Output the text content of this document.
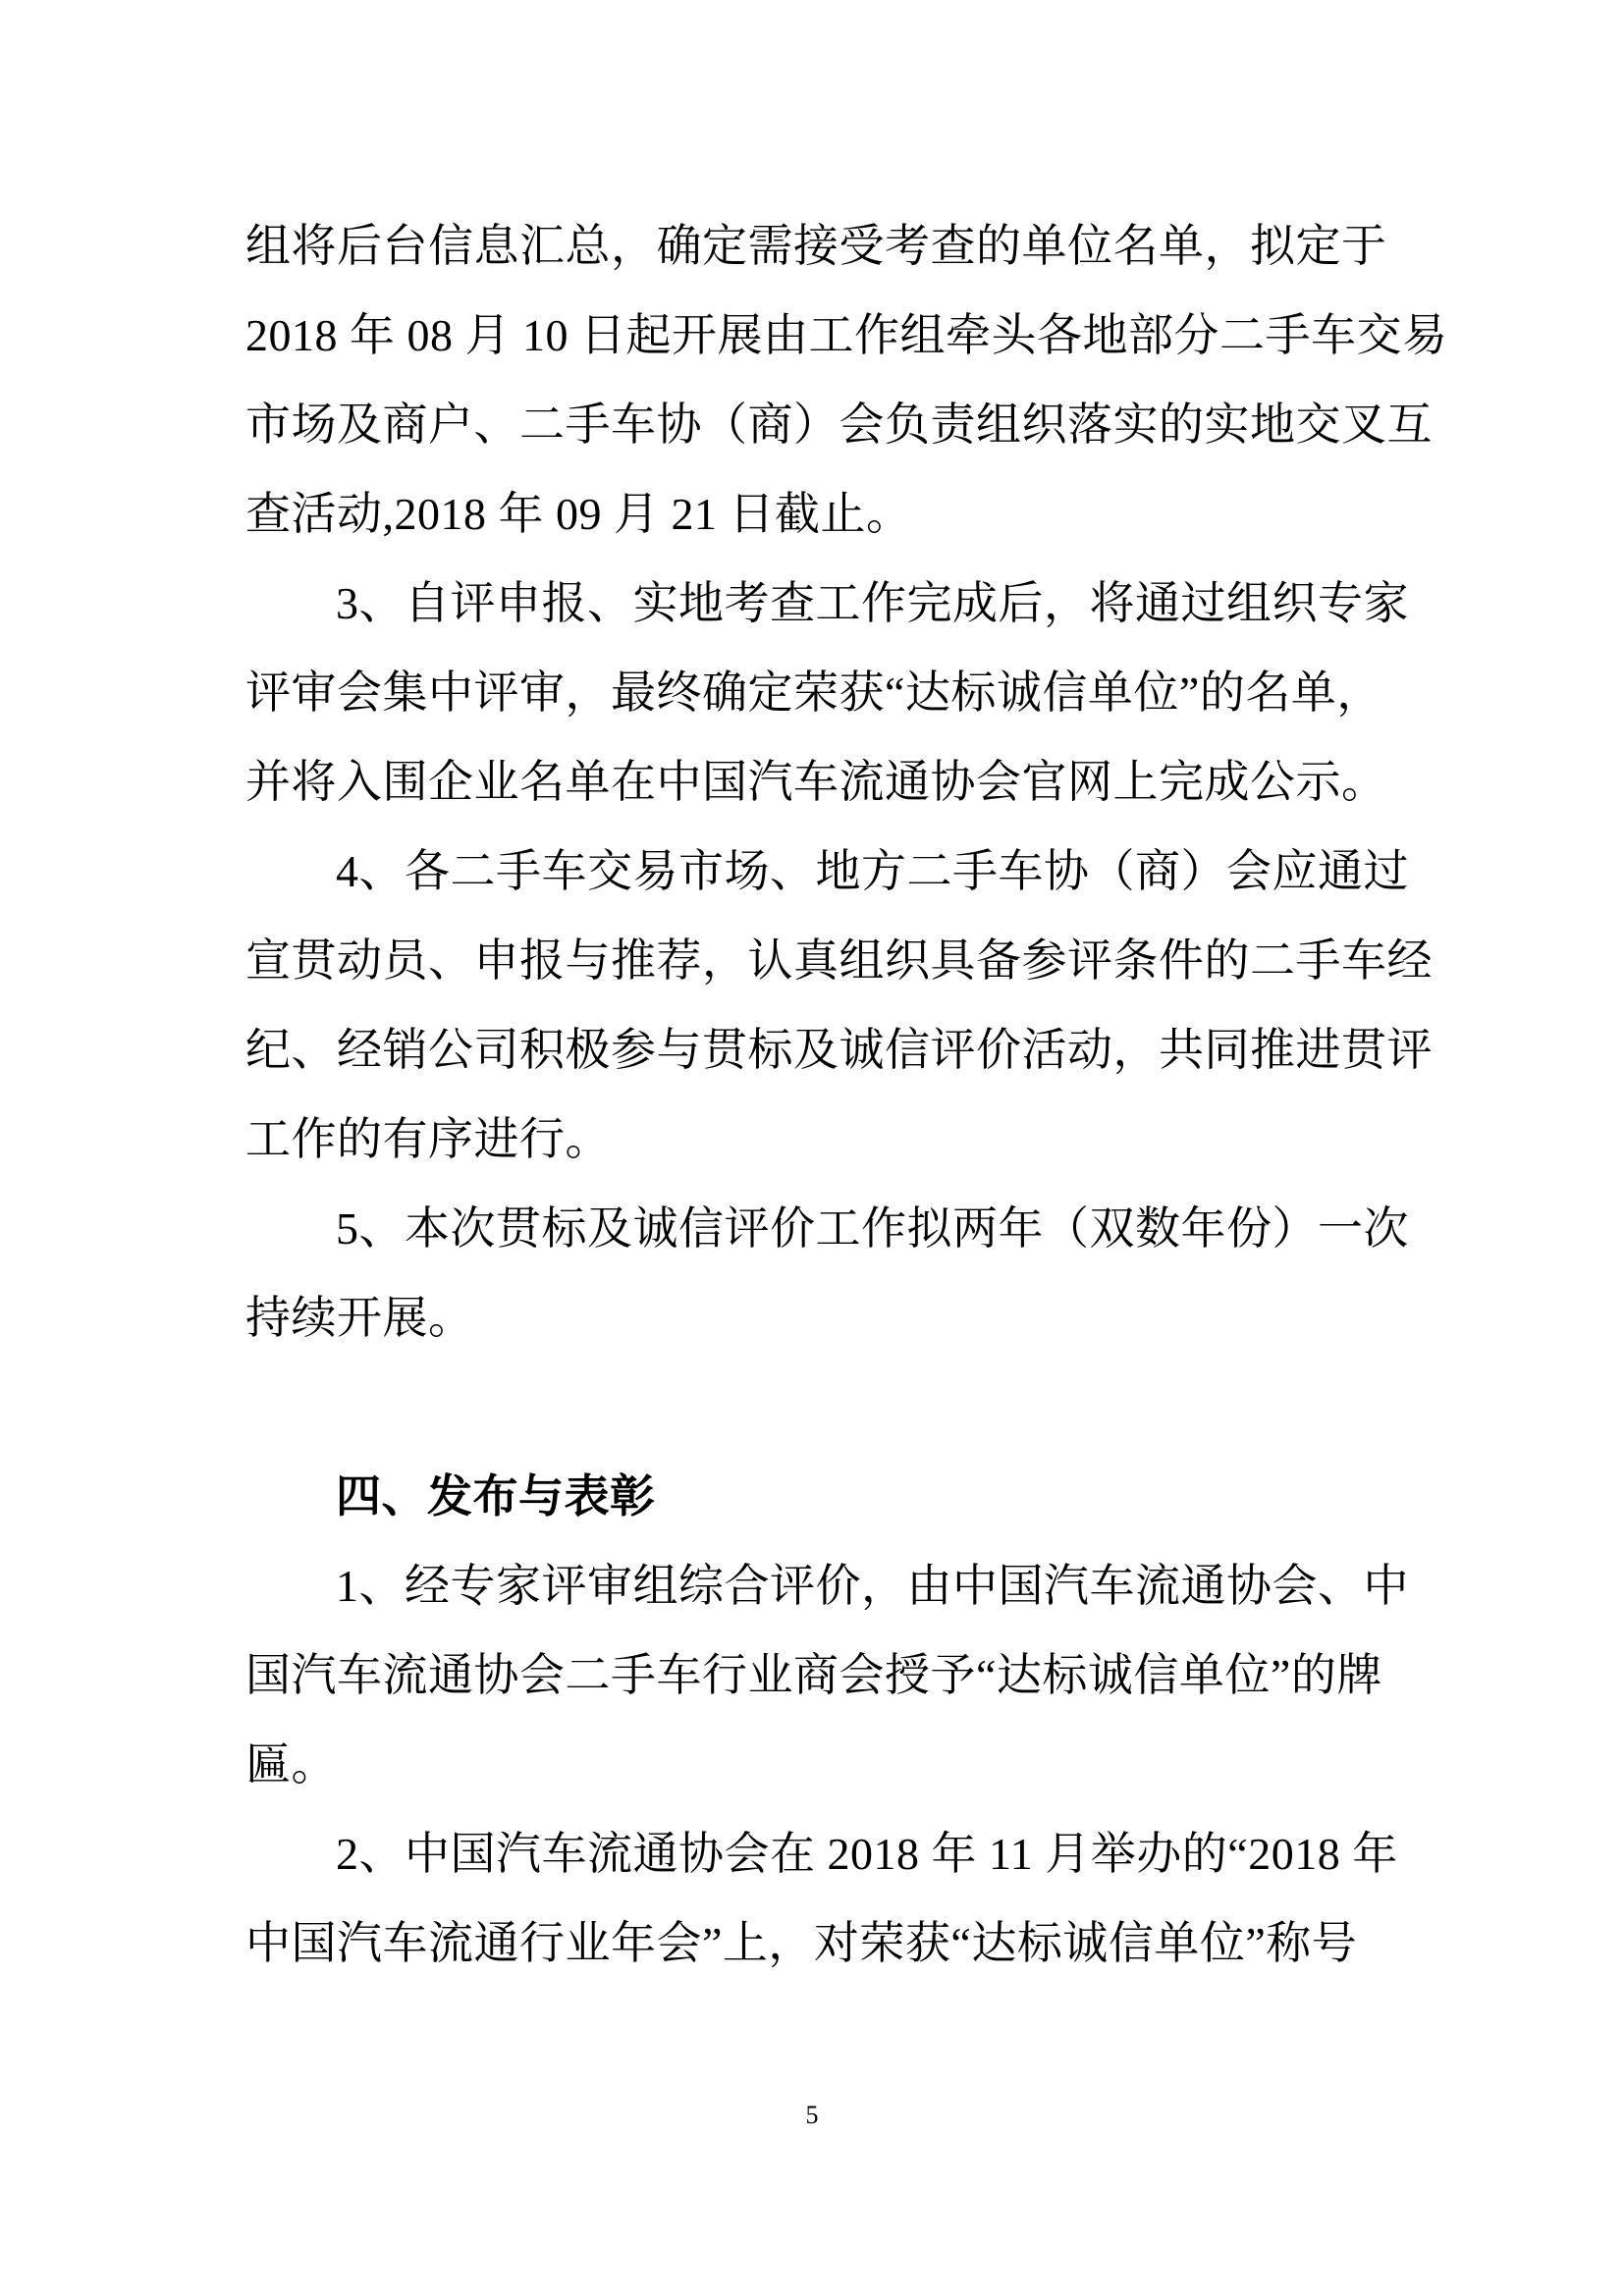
组将后台信息汇总，确定需接受考查的单位名单，拟定于
2018 年 08 月 10 日起开展由工作组牵头各地部分二手车交易
市场及商户、二手车协（商）会负责组织落实的实地交叉互
查活动,2018 年 09 月 21 日截止。
3、自评申报、实地考查工作完成后，将通过组织专家
评审会集中评审，最终确定荣获“达标诚信单位”的名单，
并将入围企业名单在中国汽车流通协会官网上完成公示。
4、各二手车交易市场、地方二手车协（商）会应通过
宣贯动员、申报与推荐，认真组织具备参评条件的二手车经
纪、经销公司积极参与贯标及诚信评价活动，共同推进贯评
工作的有序进行。
5、本次贯标及诚信评价工作拟两年（双数年份）一次
持续开展。
四、发布与表彰
1、经专家评审组综合评价，由中国汽车流通协会、中
国汽车流通协会二手车行业商会授予“达标诚信单位”的牌
匾。
2、中国汽车流通协会在 2018 年 11 月举办的“2018 年
中国汽车流通行业年会”上，对荣获“达标诚信单位”称号
5
